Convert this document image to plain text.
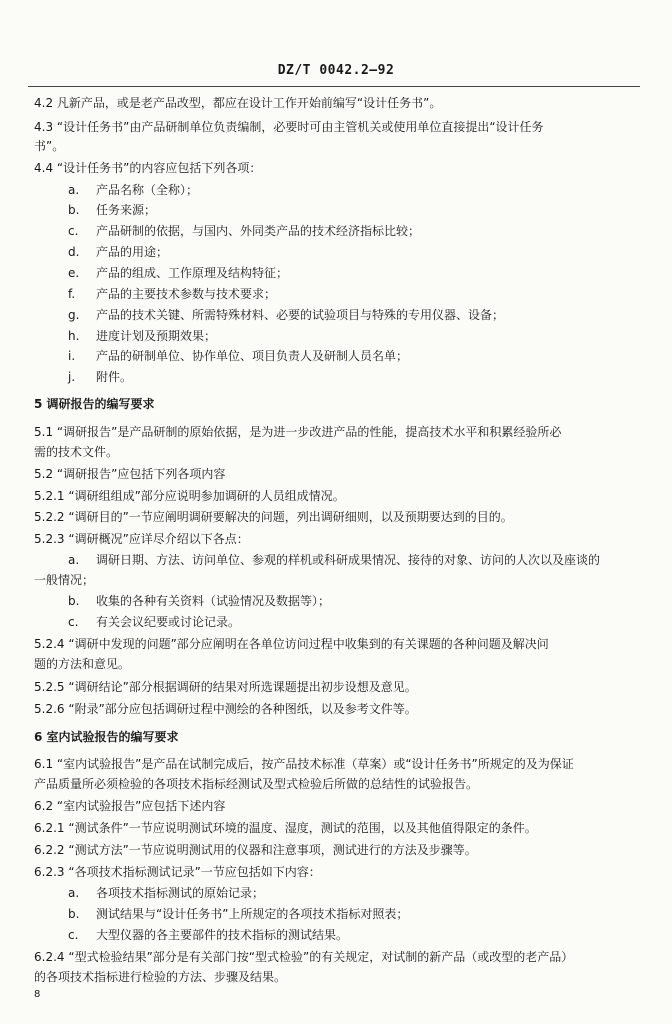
DZ/T 0042.2—92
4.2 凡新产品，或是老产品改型，都应在设计工作开始前编写“设计任务书”。
4.3 “设计任务书”由产品研制单位负责编制，必要时可由主管机关或使用单位直接提出“设计任务
书”。
4.4 “设计任务书”的内容应包括下列各项：
a. 产品名称（全称）；
b. 任务来源；
c. 产品研制的依据，与国内、外同类产品的技术经济指标比较；
d. 产品的用途；
e. 产品的组成、工作原理及结构特征；
f. 产品的主要技术参数与技术要求；
g. 产品的技术关键、所需特殊材料、必要的试验项目与特殊的专用仪器、设备；
h. 进度计划及预期效果；
i. 产品的研制单位、协作单位、项目负责人及研制人员名单；
j. 附件。
5 调研报告的编写要求
5.1 “调研报告”是产品研制的原始依据，是为进一步改进产品的性能，提高技术水平和积累经验所必
需的技术文件。
5.2 “调研报告”应包括下列各项内容
5.2.1 “调研组组成”部分应说明参加调研的人员组成情况。
5.2.2 “调研目的”一节应阐明调研要解决的问题，列出调研细则，以及预期要达到的目的。
5.2.3 “调研概况”应详尽介绍以下各点：
a. 调研日期、方法、访问单位、参观的样机或科研成果情况、接待的对象、访问的人次以及座谈的
一般情况；
b. 收集的各种有关资料（试验情况及数据等）；
c. 有关会议纪要或讨论记录。
5.2.4 “调研中发现的问题”部分应阐明在各单位访问过程中收集到的有关课题的各种问题及解决问
题的方法和意见。
5.2.5 “调研结论”部分根据调研的结果对所选课题提出初步设想及意见。
5.2.6 “附录”部分应包括调研过程中测绘的各种图纸，以及参考文件等。
6 室内试验报告的编写要求
6.1 “室内试验报告”是产品在试制完成后，按产品技术标准（草案）或“设计任务书”所规定的及为保证
产品质量所必须检验的各项技术指标经测试及型式检验后所做的总结性的试验报告。
6.2 “室内试验报告”应包括下述内容
6.2.1 “测试条件”一节应说明测试环境的温度、湿度，测试的范围，以及其他值得限定的条件。
6.2.2 “测试方法”一节应说明测试用的仪器和注意事项，测试进行的方法及步骤等。
6.2.3 “各项技术指标测试记录”一节应包括如下内容：
a. 各项技术指标测试的原始记录；
b. 测试结果与“设计任务书”上所规定的各项技术指标对照表；
c. 大型仪器的各主要部件的技术指标的测试结果。
6.2.4 “型式检验结果”部分是有关部门按“型式检验”的有关规定，对试制的新产品（或改型的老产品）
的各项技术指标进行检验的方法、步骤及结果。
8
